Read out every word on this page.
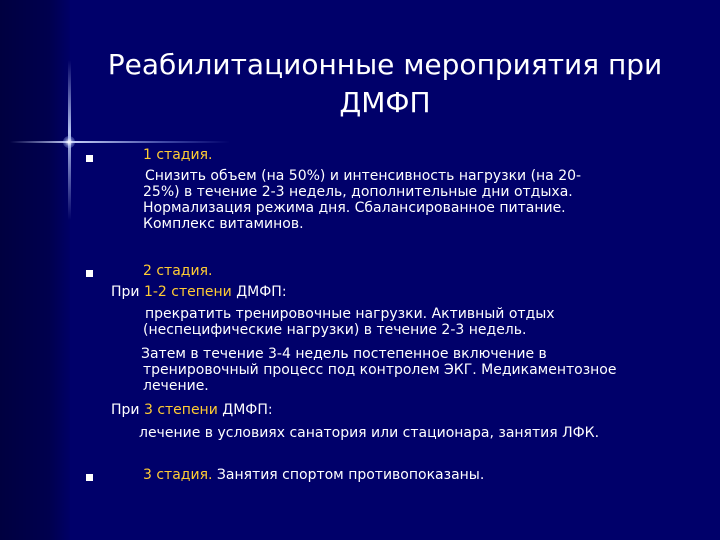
Реабилитационные мероприятия при
ДМФП
1 стадия.
Снизить объем (на 50%) и интенсивность нагрузки (на 20-
25%) в течение 2-3 недель, дополнительные дни отдыха.
Нормализация режима дня. Сбалансированное питание.
Комплекс витаминов.
2 стадия.
При 1-2 степени ДМФП:
прекратить тренировочные нагрузки. Активный отдых
(неспецифические нагрузки) в течение 2-3 недель.
Затем в течение 3-4 недель постепенное включение в
тренировочный процесс под контролем ЭКГ. Медикаментозное
лечение.
При 3 степени ДМФП:
лечение в условиях санатория или стационара, занятия ЛФК.
3 стадия. Занятия спортом противопоказаны.
